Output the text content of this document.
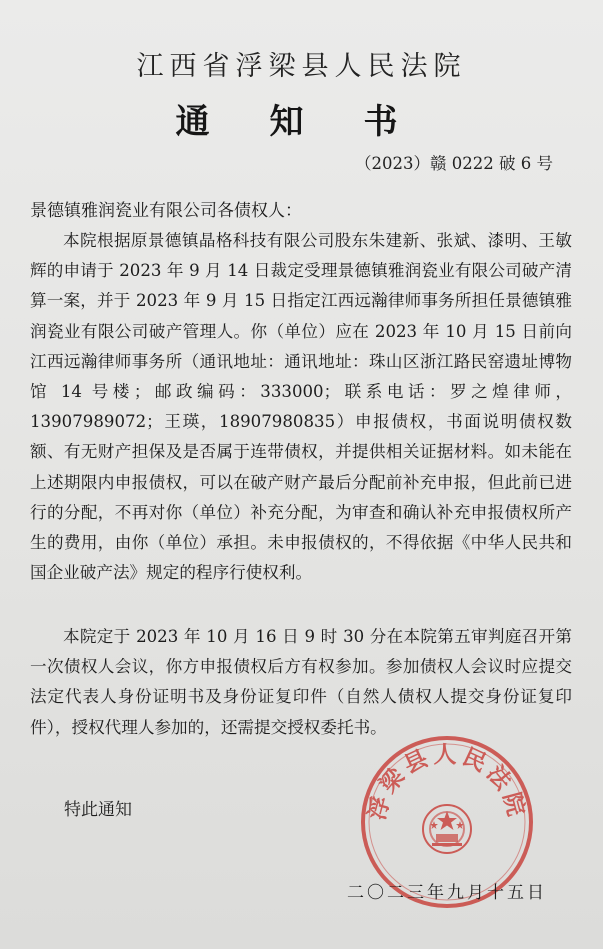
江西省浮梁县人民法院
通知书
（2023）赣 0222 破 6 号
景德镇雅润瓷业有限公司各债权人：

本院根据原景德镇晶格科技有限公司股东朱建新、张斌、漆明、王敏辉的申请于 2023 年 9 月 14 日裁定受理景德镇雅润瓷业有限公司破产清算一案，并于 2023 年 9 月 15 日指定江西远瀚律师事务所担任景德镇雅润瓷业有限公司破产管理人。你（单位）应在 2023 年 10 月 15 日前向江西远瀚律师事务所（通讯地址：通讯地址：珠山区浙江路民窑遗址博物馆 14 号楼；邮政编码：333000；联系电话：罗之煌律师，13907989072；王瑛，18907980835）申报债权，书面说明债权数额、有无财产担保及是否属于连带债权，并提供相关证据材料。如未能在上述期限内申报债权，可以在破产财产最后分配前补充申报，但此前已进行的分配，不再对你（单位）补充分配，为审查和确认补充申报债权所产生的费用，由你（单位）承担。未申报债权的，不得依据《中华人民共和国企业破产法》规定的程序行使权利。

本院定于 2023 年 10 月 16 日 9 时 30 分在本院第五审判庭召开第一次债权人会议，你方申报债权后方有权参加。参加债权人会议时应提交法定代表人身份证明书及身份证复印件（自然人债权人提交身份证复印件），授权代理人参加的，还需提交授权委托书。

特此通知	浮梁县人民法院
二〇二三年九月十五日
